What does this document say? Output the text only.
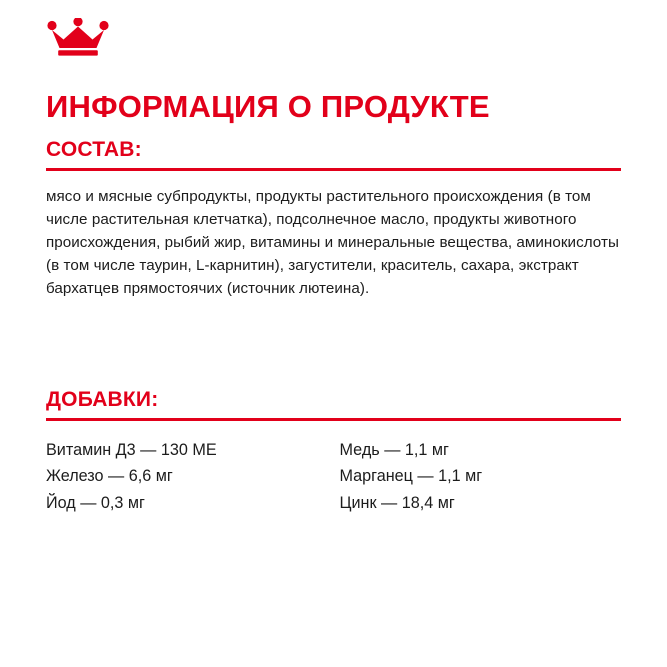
ИНФОРМАЦИЯ О ПРОДУКТЕ
СОСТАВ:

мясо и мясные субпродукты, продукты растительного происхождения (в том числе растительная клетчатка), подсолнечное масло, продукты животного происхождения, рыбий жир, витамины и минеральные вещества, аминокислоты (в том числе таурин, L-карнитин), загустители, краситель, сахара, экстракт бархатцев прямостоячих (источник лютеина).

ДОБАВКИ:
Витамин Д3 — 130 МЕ
Железо — 6,6 мг
Йод — 0,3 мг
Медь — 1,1 мг
Марганец — 1,1 мг
Цинк — 18,4 мг
